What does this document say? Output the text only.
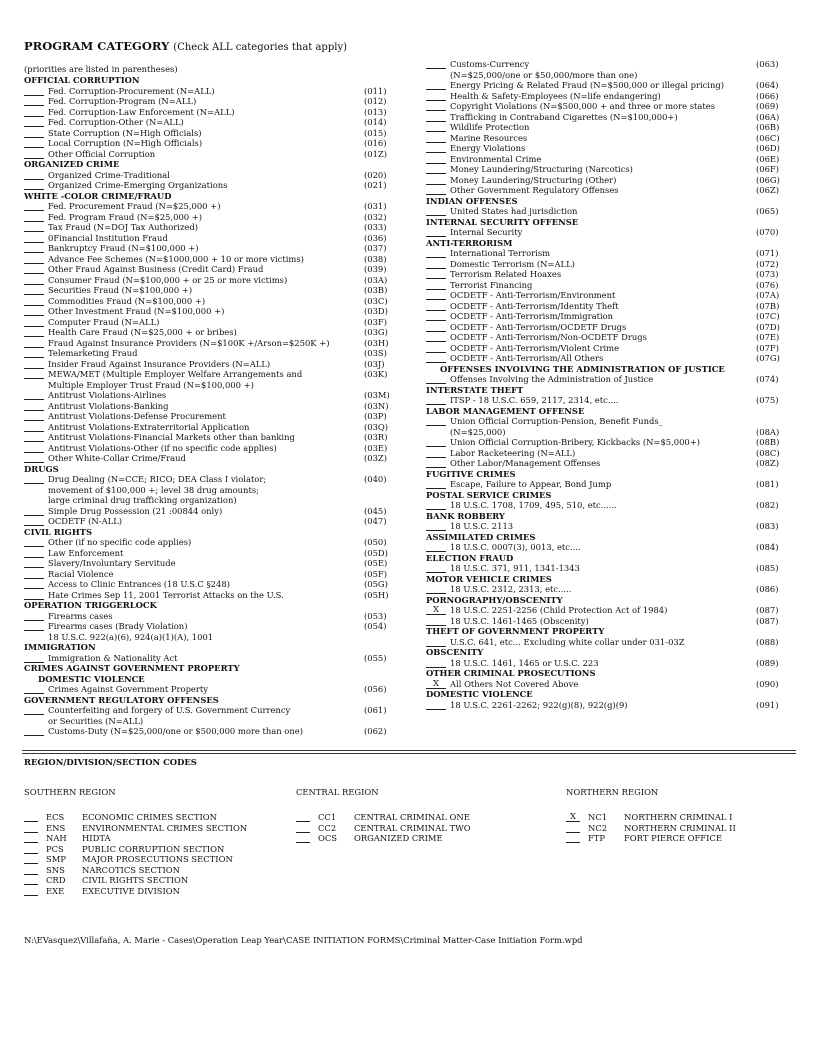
PROGRAM CATEGORY (Check ALL categories that apply)
(priorities are listed in parentheses)
OFFICIAL CORRUPTION
Fed. Corruption-Procurement (N=ALL)	(011)
Fed. Corruption-Program (N=ALL)	(012)
Fed. Corruption-Law Enforcement (N=ALL)	(013)
Fed. Corruption-Other (N=ALL)	(014)
State Corruption (N=High Officials)	(015)
Local Corruption (N=High Officials)	(016)
Other Official Corruption	(01Z)
ORGANIZED CRIME
Organized Crime-Traditional	(020)
Organized Crime-Emerging Organizations	(021)
WHITE -COLOR CRIME/FRAUD
Fed. Procurement Fraud (N=$25,000 +)	(031)
Fed. Program Fraud (N=$25,000 +)	(032)
Tax Fraud (N=DOJ Tax Authorized)	(033)
0Financial Institution Fraud	(036)
Bankruptcy Fraud (N=$100,000 +)	(037)
Advance Fee Schemes (N=$1000,000 + 10 or more victims)	(038)
Other Fraud Against Business (Credit Card) Fraud	(039)
Consumer Fraud (N=$100,000 + or 25 or more victims)	(03A)
Securities Fraud (N=$100,000 +)	(03B)
Commodities Fraud (N=$100,000 +)	(03C)
Other Investment Fraud (N=$100,000 +)	(03D)
Computer Fraud (N=ALL)	(03F)
Health Care Fraud (N=$25,000 + or bribes)	(03G)
Fraud Against Insurance Providers (N=$100K +/Arson=$250K +)	(03H)
Telemarketing Fraud	(03S)
Insider Fraud Against Insurance Providers (N=ALL)	(03J)
MEWA/MET (Multiple Employer Welfare Arrangements and	(03K)
Multiple Employer Trust Fraud (N=$100,000 +)
Antitrust Violations-Airlines	(03M)
Antitrust Violations-Banking	(03N)
Antitrust Violations-Defense Procurement	(03P)
Antitrust Violations-Extraterritorial Application	(03Q)
Antitrust Violations-Financial Markets other than banking	(03R)
Antitrust Violations-Other (if no specific code applies)	(03E)
Other White-Collar Crime/Fraud	(03Z)
DRUGS
Drug Dealing (N=CCE; RICO; DEA Class I violator;	(040)
movement of $100,000 +; level 38 drug amounts;
large criminal drug trafficking organization)
Simple Drug Possession (21 :00844 only)	(045)
OCDETF (N-ALL)	(047)
CIVIL RIGHTS
Other (if no specific code applies)	(050)
Law Enforcement	(05D)
Slavery/Involuntary Servitude	(05E)
Racial Violence	(05F)
Access to Clinic Entrances (18 U.S.C §248)	(05G)
Hate Crimes Sep 11, 2001 Terrorist Attacks on the U.S.	(05H)
OPERATION TRIGGERLOCK
Firearms cases	(053)
Firearms cases (Brady Violation)	(054)
18 U.S.C. 922(a)(6), 924(a)(1)(A), 1001
IMMIGRATION
Immigration & Nationality Act	(055)
CRIMES AGAINST GOVERNMENT PROPERTY
DOMESTIC VIOLENCE
Crimes Against Government Property	(056)
GOVERNMENT REGULATORY OFFENSES
Counterfeiting and forgery of U.S. Government Currency	(061)
or Securities (N=ALL)
Customs-Duty (N=$25,000/one or $500,000 more than one)	(062)
Customs-Currency	(063)
(N=$25,000/one or $50,000/more than one)
Energy Pricing & Related Fraud (N=$500,000 or illegal pricing)	(064)
Health & Safety-Employees (N=life endangering)	(066)
Copyright Violations (N=$500,000 + and three or more states	(069)
Trafficking in Contraband Cigarettes (N=$100,000+)	(06A)
Wildlife Protection	(06B)
Marine Resources	(06C)
Energy Violations	(06D)
Environmental Crime	(06E)
Money Laundering/Structuring (Narcotics)	(06F)
Money Laundering/Structuring (Other)	(06G)
Other Government Regulatory Offenses	(06Z)
INDIAN OFFENSES
United States had jurisdiction	(065)
INTERNAL SECURITY OFFENSE
Internal Security	(070)
ANTI-TERRORISM
International Terrorism	(071)
Domestic Terrorism (N=ALL)	(072)
Terrorism Related Hoaxes	(073)
Terrorist Financing	(076)
OCDETF - Anti-Terrorism/Environment	(07A)
OCDETF - Anti-Terrorism/Identity Theft	(07B)
OCDETF - Anti-Terrorism/Immigration	(07C)
OCDETF - Anti-Terrorism/OCDETF Drugs	(07D)
OCDETF - Anti-Terrorism/Non-OCDETF Drugs	(07E)
OCDETF - Anti-Terrorism/Violent Crime	(07F)
OCDETF - Anti-Terrorism/All Others	(07G)
OFFENSES INVOLVING THE ADMINISTRATION OF JUSTICE
Offenses Involving the Administration of Justice	(074)
INTERSTATE THEFT
ITSP - 18 U.S.C. 659, 2117, 2314, etc....	(075)
LABOR MANAGEMENT OFFENSE
Union Official Corruption-Pension, Benefit Funds_
(N=$25,000)	(08A)
Union Official Corruption-Bribery, Kickbacks (N=$5,000+)	(08B)
Labor Racketeering (N=ALL)	(08C)
Other Labor/Management Offenses	(08Z)
FUGITIVE CRIMES
Escape, Failure to Appear, Bond Jump	(081)
POSTAL SERVICE CRIMES
18 U.S.C. 1708, 1709, 495, 510, etc......	(082)
BANK ROBBERY
18 U.S.C. 2113	(083)
ASSIMILATED CRIMES
18 U.S.C. 0007(3), 0013, etc....	(084)
ELECTION FRAUD
18 U.S.C. 371, 911, 1341-1343	(085)
MOTOR VEHICLE CRIMES
18 U.S.C. 2312, 2313, etc.....	(086)
PORNOGRAPHY/OBSCENITY
X	18 U.S.C. 2251-2256 (Child Protection Act of 1984)	(087)
18 U.S.C. 1461-1465 (Obscenity)	(087)
THEFT OF GOVERNMENT PROPERTY
U.S.C. 641, etc... Excluding white collar under 031-03Z	(088)
OBSCENITY
18 U.S.C. 1461, 1465 or U.S.C. 223	(089)
OTHER CRIMINAL PROSECUTIONS
X	All Others Not Covered Above	(090)
DOMESTIC VIOLENCE
18 U.S.C. 2261-2262; 922(g)(8), 922(g)(9)	(091)
REGION/DIVISION/SECTION CODES
SOUTHERN REGION
ECS	ECONOMIC CRIMES SECTION
ENS	ENVIRONMENTAL CRIMES SECTION
NAH	HIDTA
PCS	PUBLIC CORRUPTION SECTION
SMP	MAJOR PROSECUTIONS SECTION
SNS	NARCOTICS SECTION
CRD	CIVIL RIGHTS SECTION
EXE	EXECUTIVE DIVISION
CENTRAL REGION
CC1	CENTRAL CRIMINAL ONE
CC2	CENTRAL CRIMINAL TWO
OCS	ORGANIZED CRIME
NORTHERN REGION
X	NC1	NORTHERN CRIMINAL I
NC2	NORTHERN CRIMINAL II
FTP	FORT PIERCE OFFICE
N:\EVasquez\Villafaña, A. Marie - Cases\Operation Leap Year\CASE INITIATION FORMS\Criminal Matter-Case Initiation Form.wpd
